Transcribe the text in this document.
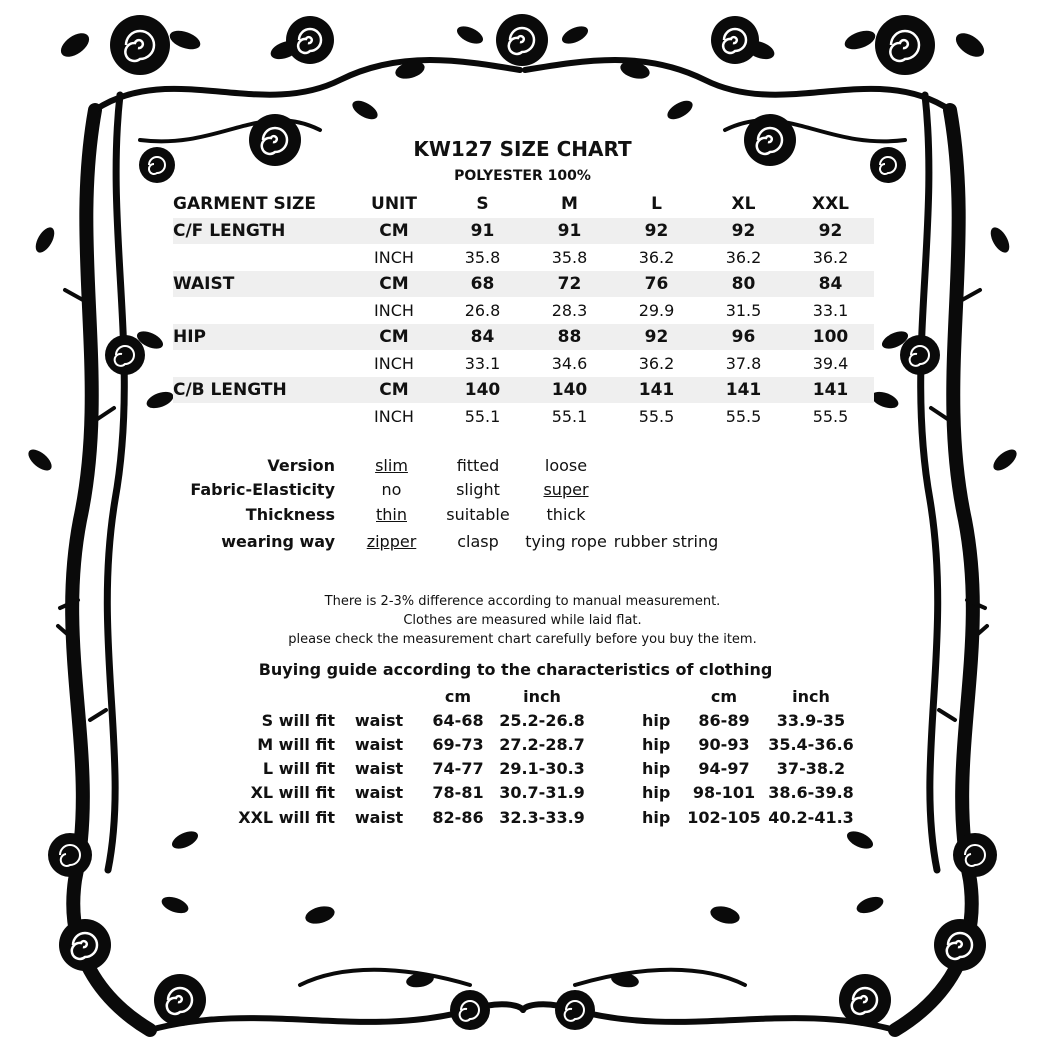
KW127 SIZE CHART
POLYESTER 100%
GARMENT SIZE	UNIT	S	M	L	XL	XXL
C/F LENGTH	CM	91	91	92	92	92
	INCH	35.8	35.8	36.2	36.2	36.2
WAIST	CM	68	72	76	80	84
	INCH	26.8	28.3	29.9	31.5	33.1
HIP	CM	84	88	92	96	100
	INCH	33.1	34.6	36.2	37.8	39.4
C/B LENGTH	CM	140	140	141	141	141
	INCH	55.1	55.1	55.5	55.5	55.5
Version	slim	fitted	loose	
Fabric-Elasticity	no	slight	super	
Thickness	thin	suitable	thick	
wearing way	zipper	clasp	tying rope	rubber string
There is 2-3% difference according to manual measurement.
Clothes are measured while laid flat.
please check the measurement chart carefully before you buy the item.
Buying guide according to the characteristics of clothing
		cm	inch			cm	inch
S will fit	waist	64-68	25.2-26.8		hip	86-89	33.9-35
M will fit	waist	69-73	27.2-28.7		hip	90-93	35.4-36.6
L will fit	waist	74-77	29.1-30.3		hip	94-97	37-38.2
XL will fit	waist	78-81	30.7-31.9		hip	98-101	38.6-39.8
XXL will fit	waist	82-86	32.3-33.9		hip	102-105	40.2-41.3
